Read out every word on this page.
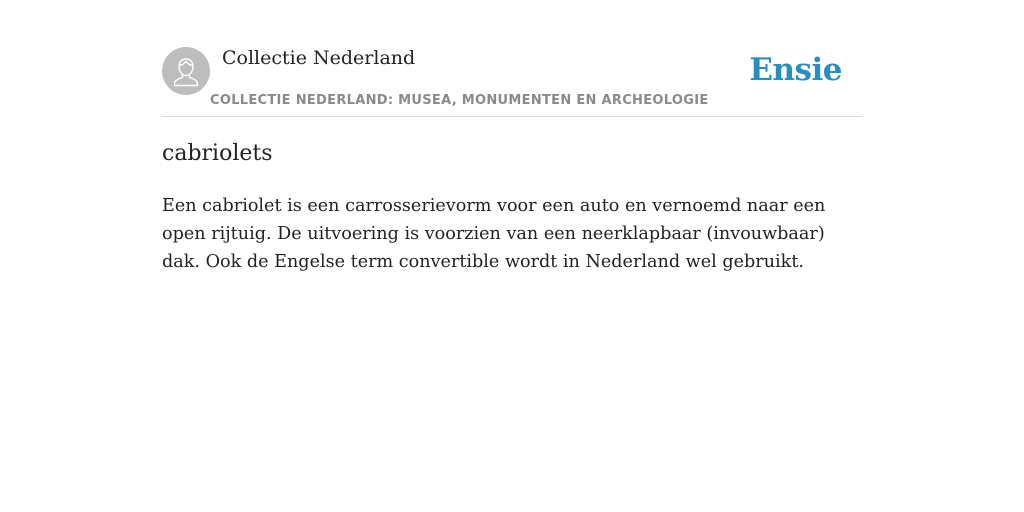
Collectie Nederland
COLLECTIE NEDERLAND: MUSEA, MONUMENTEN EN ARCHEOLOGIE
Ensie
cabriolets

Een cabriolet is een carrosserievorm voor een auto en vernoemd naar een open rijtuig. De uitvoering is voorzien van een neerklapbaar (invouwbaar) dak. Ook de Engelse term convertible wordt in Nederland wel gebruikt.
